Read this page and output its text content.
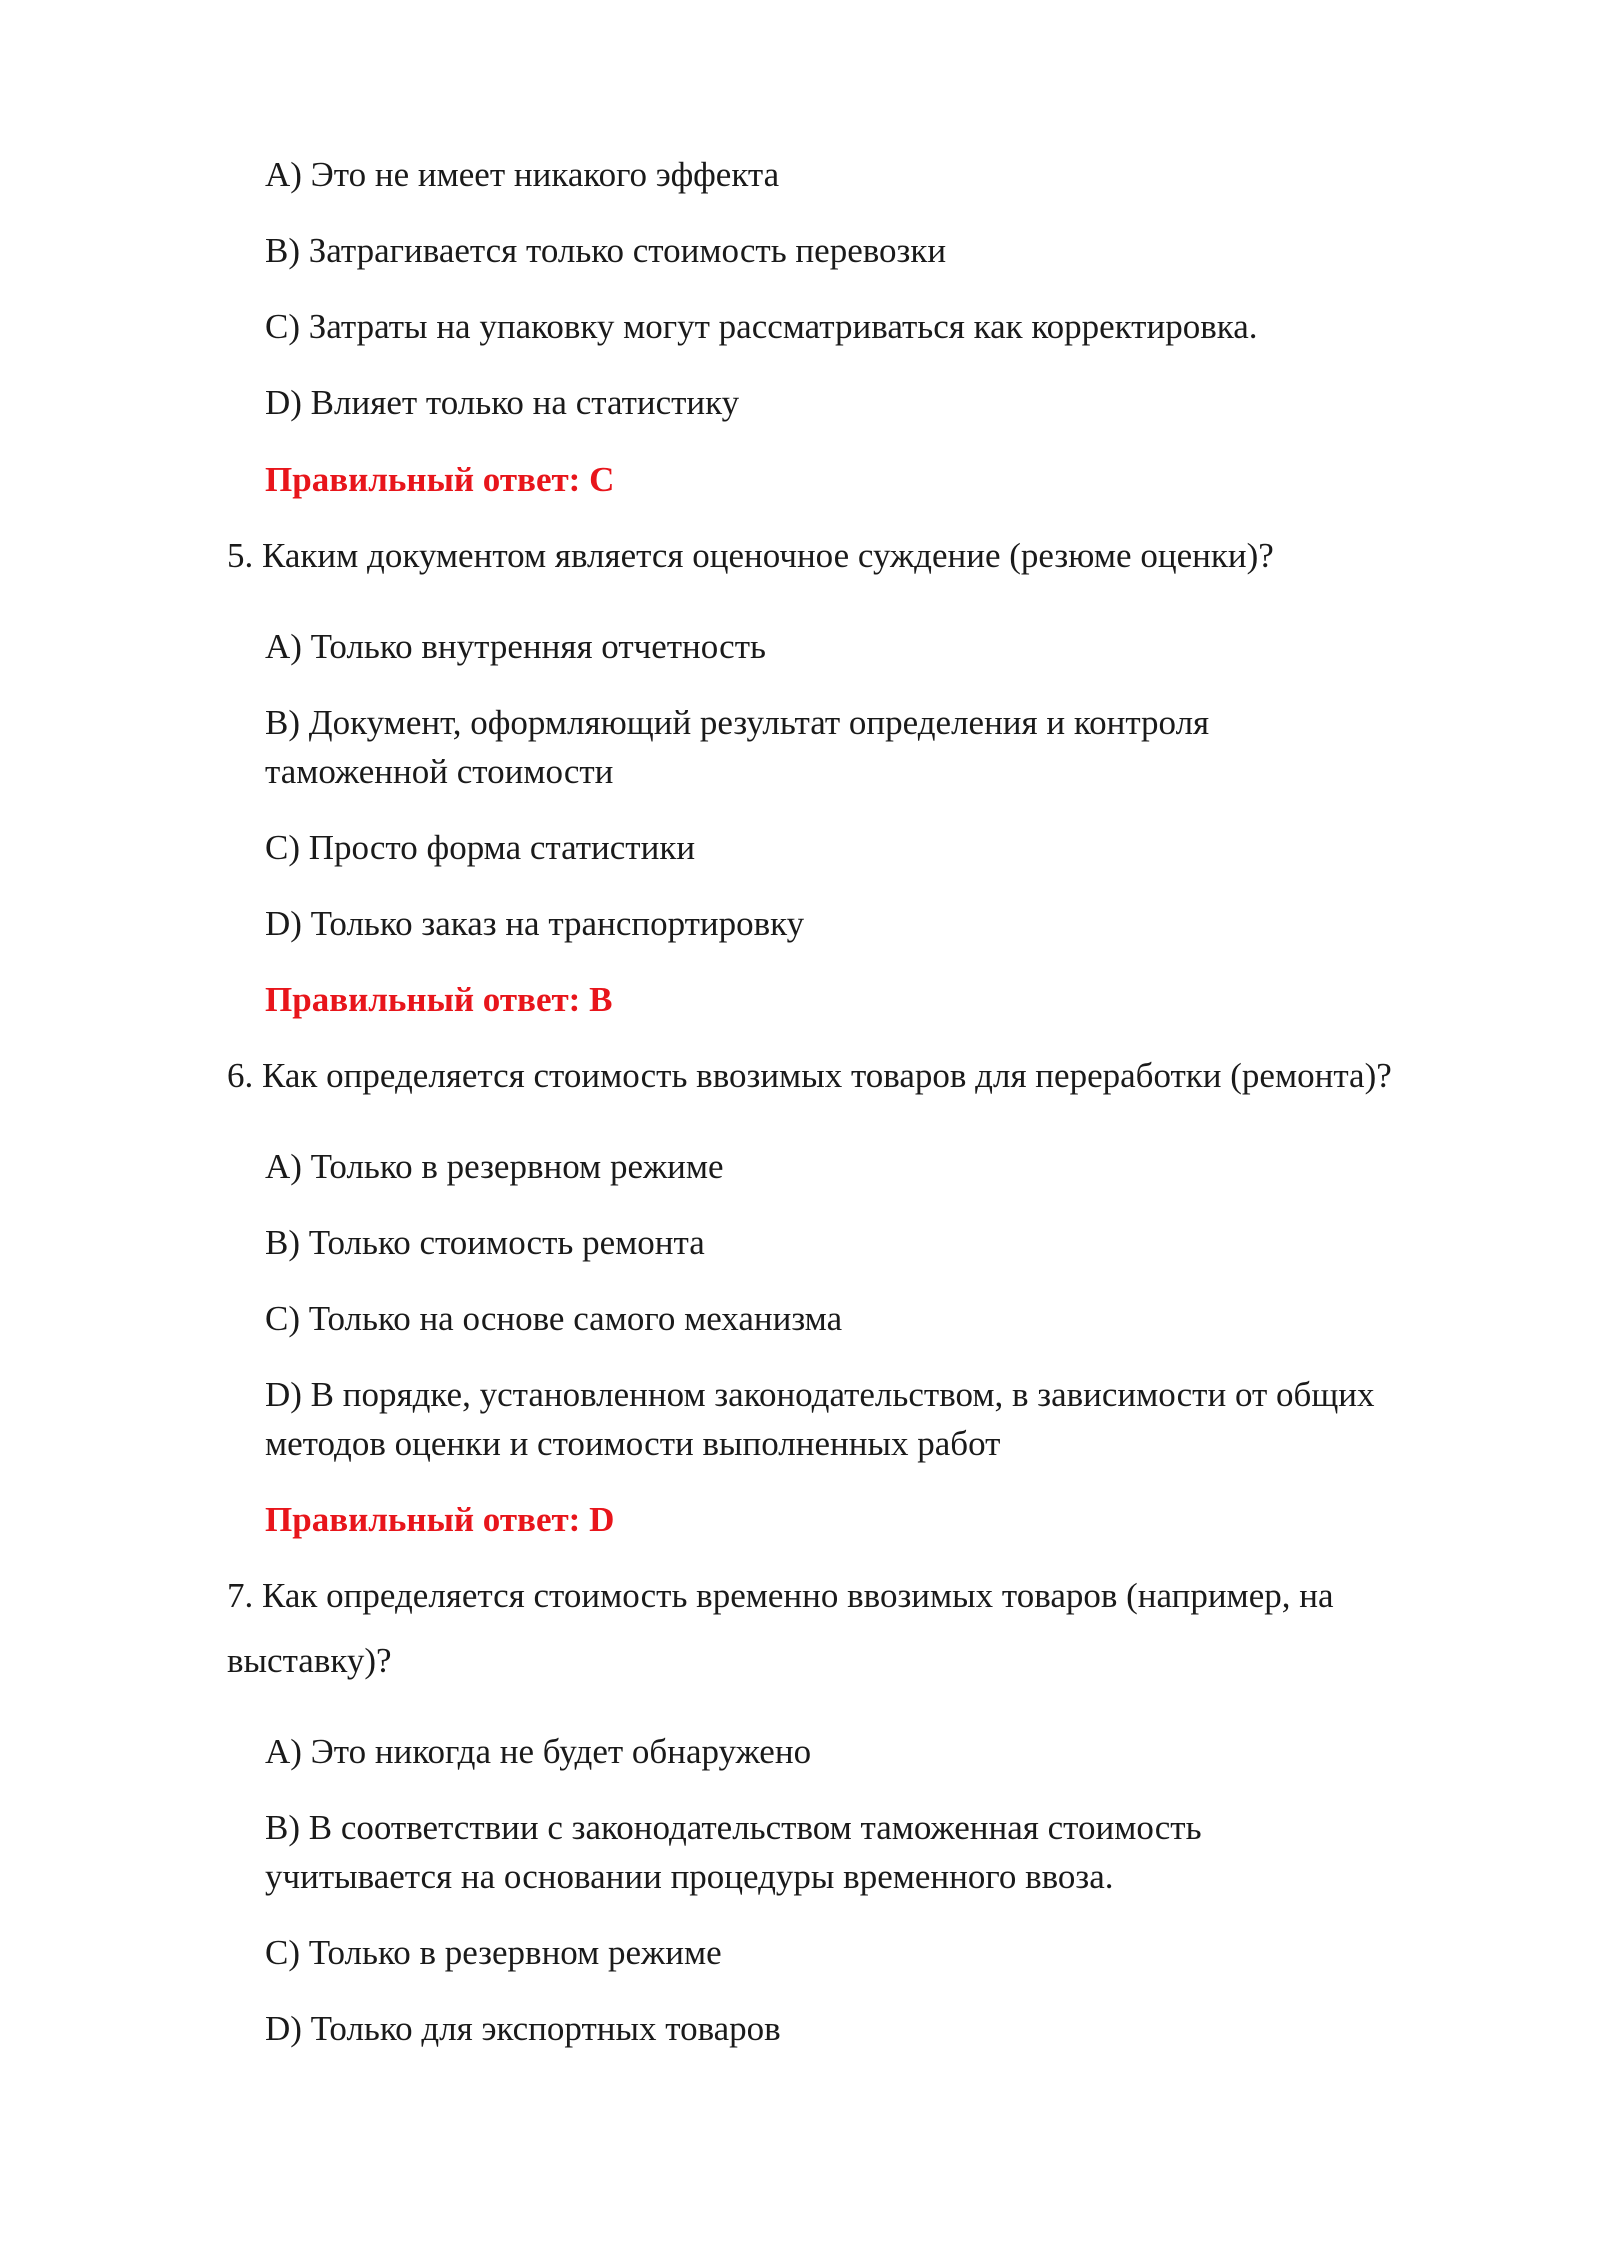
A) Это не имеет никакого эффекта
B) Затрагивается только стоимость перевозки
C) Затраты на упаковку могут рассматриваться как корректировка.
D) Влияет только на статистику
Правильный ответ: C
5. Каким документом является оценочное суждение (резюме оценки)?
A) Только внутренняя отчетность
B) Документ, оформляющий результат определения и контроля
таможенной стоимости
C) Просто форма статистики
D) Только заказ на транспортировку
Правильный ответ: B
6. Как определяется стоимость ввозимых товаров для переработки (ремонта)?
A) Только в резервном режиме
B) Только стоимость ремонта
C) Только на основе самого механизма
D) В порядке, установленном законодательством, в зависимости от общих
методов оценки и стоимости выполненных работ
Правильный ответ: D
7. Как определяется стоимость временно ввозимых товаров (например, на
выставку)?
A) Это никогда не будет обнаружено
B) В соответствии с законодательством таможенная стоимость
учитывается на основании процедуры временного ввоза.
C) Только в резервном режиме
D) Только для экспортных товаров
